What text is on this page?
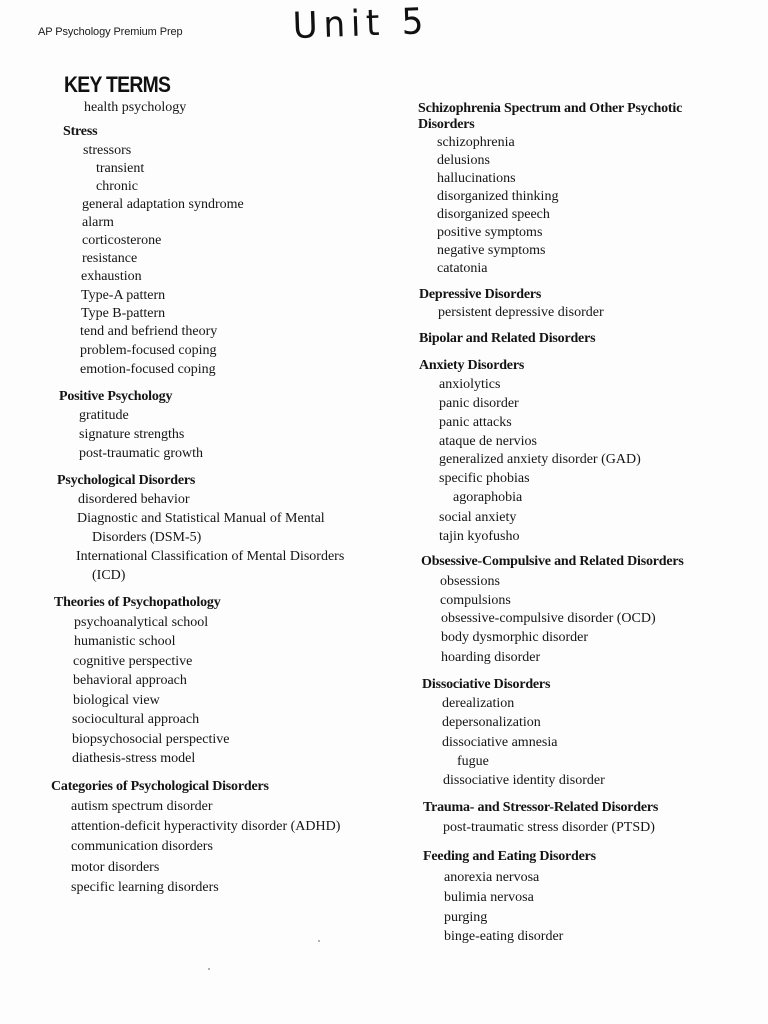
AP Psychology Premium Prep	Unit 5
KEY TERMS
health psychology
Stress
stressors
transient
chronic
general adaptation syndrome
alarm
corticosterone
resistance
exhaustion
Type-A pattern
Type B-pattern
tend and befriend theory
problem-focused coping
emotion-focused coping
Positive Psychology
gratitude
signature strengths
post-traumatic growth
Psychological Disorders
disordered behavior
Diagnostic and Statistical Manual of Mental
Disorders (DSM-5)
International Classification of Mental Disorders
(ICD)
Theories of Psychopathology
psychoanalytical school
humanistic school
cognitive perspective
behavioral approach
biological view
sociocultural approach
biopsychosocial perspective
diathesis-stress model
Categories of Psychological Disorders
autism spectrum disorder
attention-deficit hyperactivity disorder (ADHD)
communication disorders
motor disorders
specific learning disorders
Schizophrenia Spectrum and Other Psychotic
Disorders
schizophrenia
delusions
hallucinations
disorganized thinking
disorganized speech
positive symptoms
negative symptoms
catatonia
Depressive Disorders
persistent depressive disorder
Bipolar and Related Disorders
Anxiety Disorders
anxiolytics
panic disorder
panic attacks
ataque de nervios
generalized anxiety disorder (GAD)
specific phobias
agoraphobia
social anxiety
tajin kyofusho
Obsessive-Compulsive and Related Disorders
obsessions
compulsions
obsessive-compulsive disorder (OCD)
body dysmorphic disorder
hoarding disorder
Dissociative Disorders
derealization
depersonalization
dissociative amnesia
fugue
dissociative identity disorder
Trauma- and Stressor-Related Disorders
post-traumatic stress disorder (PTSD)
Feeding and Eating Disorders
anorexia nervosa
bulimia nervosa
purging
binge-eating disorder
